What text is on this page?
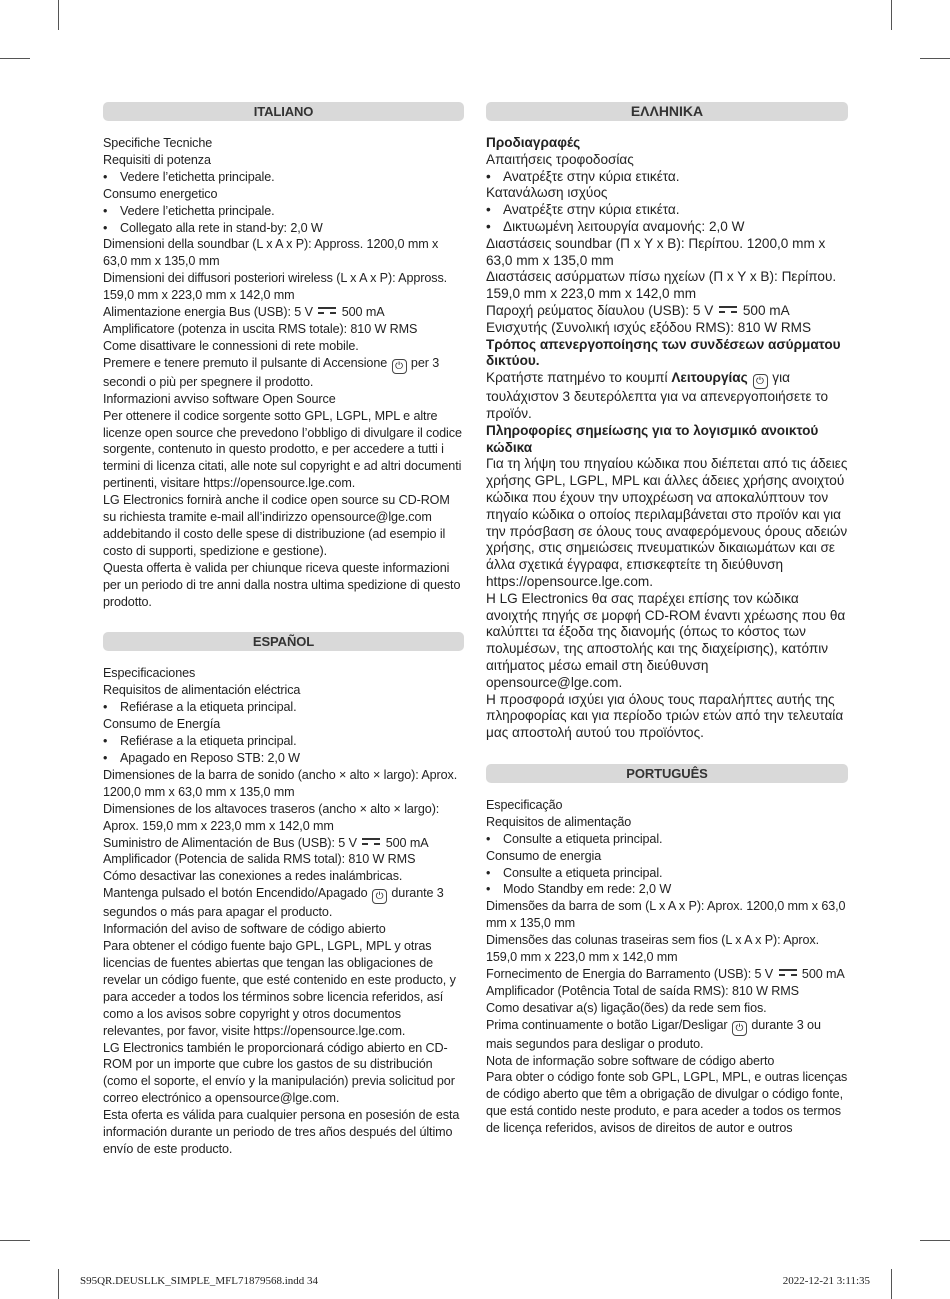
ITALIANO

Specifiche Tecniche

Requisiti di potenza

• Vedere l’etichetta principale.

Consumo energetico

• Vedere l’etichetta principale.

• Collegato alla rete in stand-by: 2,0 W

Dimensioni della soundbar (L x A x P): Appross. 1200,0 mm x 63,0 mm x 135,0 mm

Dimensioni dei diffusori posteriori wireless (L x A x P): Appross. 159,0 mm x 223,0 mm x 142,0 mm

Alimentazione energia Bus (USB): 5 V 500 mA

Amplificatore (potenza in uscita RMS totale): 810 W RMS

Come disattivare le connessioni di rete mobile.

Premere e tenere premuto il pulsante di Accensione ⏻ per 3 secondi o più per spegnere il prodotto.

Informazioni avviso software Open Source

Per ottenere il codice sorgente sotto GPL, LGPL, MPL e altre licenze open source che prevedono l’obbligo di divulgare il codice sorgente, contenuto in questo prodotto, e per accedere a tutti i termini di licenza citati, alle note sul copyright e ad altri documenti pertinenti, visitare https://opensource.lge.com.

LG Electronics fornirà anche il codice open source su CD-ROM su richiesta tramite e-mail all’indirizzo opensource@lge.com addebitando il costo delle spese di distribuzione (ad esempio il costo di supporti, spedizione e gestione).

Questa offerta è valida per chiunque riceva queste informazioni per un periodo di tre anni dalla nostra ultima spedizione di questo prodotto.

ESPAÑOL

Especificaciones

Requisitos de alimentación eléctrica

• Refiérase a la etiqueta principal.

Consumo de Energía

• Refiérase a la etiqueta principal.

• Apagado en Reposo STB: 2,0 W

Dimensiones de la barra de sonido (ancho × alto × largo): Aprox. 1200,0 mm x 63,0 mm x 135,0 mm

Dimensiones de los altavoces traseros (ancho × alto × largo): Aprox. 159,0 mm x 223,0 mm x 142,0 mm

Suministro de Alimentación de Bus (USB): 5 V 500 mA

Amplificador (Potencia de salida RMS total): 810 W RMS

Cómo desactivar las conexiones a redes inalámbricas.

Mantenga pulsado el botón Encendido/Apagado ⏻ durante 3 segundos o más para apagar el producto.

Información del aviso de software de código abierto

Para obtener el código fuente bajo GPL, LGPL, MPL y otras licencias de fuentes abiertas que tengan las obligaciones de revelar un código fuente, que esté contenido en este producto, y para acceder a todos los términos sobre licencia referidos, así como a los avisos sobre copyright y otros documentos relevantes, por favor, visite https://opensource.lge.com.

LG Electronics también le proporcionará código abierto en CD-ROM por un importe que cubre los gastos de su distribución (como el soporte, el envío y la manipulación) previa solicitud por correo electrónico a opensource@lge.com.

Esta oferta es válida para cualquier persona en posesión de esta información durante un periodo de tres años después del último envío de este producto.

ΕΛΛΗΝΙΚΑ

Προδιαγραφές

Απαιτήσεις τροφοδοσίας

• Ανατρέξτε στην κύρια ετικέτα.

Κατανάλωση ισχύος

• Ανατρέξτε στην κύρια ετικέτα.

• Δικτυωμένη λειτουργία αναμονής: 2,0 W

Διαστάσεις soundbar (Π x Y x B): Περίπου. 1200,0 mm x 63,0 mm x 135,0 mm

Διαστάσεις ασύρματων πίσω ηχείων (Π x Y x B): Περίπου. 159,0 mm x 223,0 mm x 142,0 mm

Παροχή ρεύματος δίαυλου (USB): 5 V 500 mA

Ενισχυτής (Συνολική ισχύς εξόδου RMS): 810 W RMS

Τρόπος απενεργοποίησης των συνδέσεων ασύρματου δικτύου.

Κρατήστε πατημένο το κουμπί Λειτουργίας ⏻ για τουλάχιστον 3 δευτερόλεπτα για να απενεργοποιήσετε το προϊόν.

Πληροφορίες σημείωσης για το λογισμικό ανοικτού κώδικα

Για τη λήψη του πηγαίου κώδικα που διέπεται από τις άδειες χρήσης GPL, LGPL, MPL και άλλες άδειες χρήσης ανοιχτού κώδικα που έχουν την υποχρέωση να αποκαλύπτουν τον πηγαίο κώδικα ο οποίος περιλαμβάνεται στο προϊόν και για την πρόσβαση σε όλους τους αναφερόμενους όρους αδειών χρήσης, στις σημειώσεις πνευματικών δικαιωμάτων και σε άλλα σχετικά έγγραφα, επισκεφτείτε τη διεύθυνση https://opensource.lge.com.

Η LG Electronics θα σας παρέχει επίσης τον κώδικα ανοιχτής πηγής σε μορφή CD-ROM έναντι χρέωσης που θα καλύπτει τα έξοδα της διανομής (όπως το κόστος των πολυμέσων, της αποστολής και της διαχείρισης), κατόπιν αιτήματος μέσω email στη διεύθυνση opensource@lge.com.

Η προσφορά ισχύει για όλους τους παραλήπτες αυτής της πληροφορίας και για περίοδο τριών ετών από την τελευταία μας αποστολή αυτού του προϊόντος.

PORTUGUÊS

Especificação

Requisitos de alimentação

• Consulte a etiqueta principal.

Consumo de energia

• Consulte a etiqueta principal.

• Modo Standby em rede: 2,0 W

Dimensões da barra de som (L x A x P): Aprox. 1200,0 mm x 63,0 mm x 135,0 mm

Dimensões das colunas traseiras sem fios (L x A x P): Aprox. 159,0 mm x 223,0 mm x 142,0 mm

Fornecimento de Energia do Barramento (USB): 5 V 500 mA

Amplificador (Potência Total de saída RMS): 810 W RMS

Como desativar a(s) ligação(ões) da rede sem fios.

Prima continuamente o botão Ligar/Desligar ⏻ durante 3 ou mais segundos para desligar o produto.

Nota de informação sobre software de código aberto

Para obter o código fonte sob GPL, LGPL, MPL, e outras licenças de código aberto que têm a obrigação de divulgar o código fonte, que está contido neste produto, e para aceder a todos os termos de licença referidos, avisos de direitos de autor e outros

S95QR.DEUSLLK_SIMPLE_MFL71879568.indd 34	2022-12-21 3:11:35
